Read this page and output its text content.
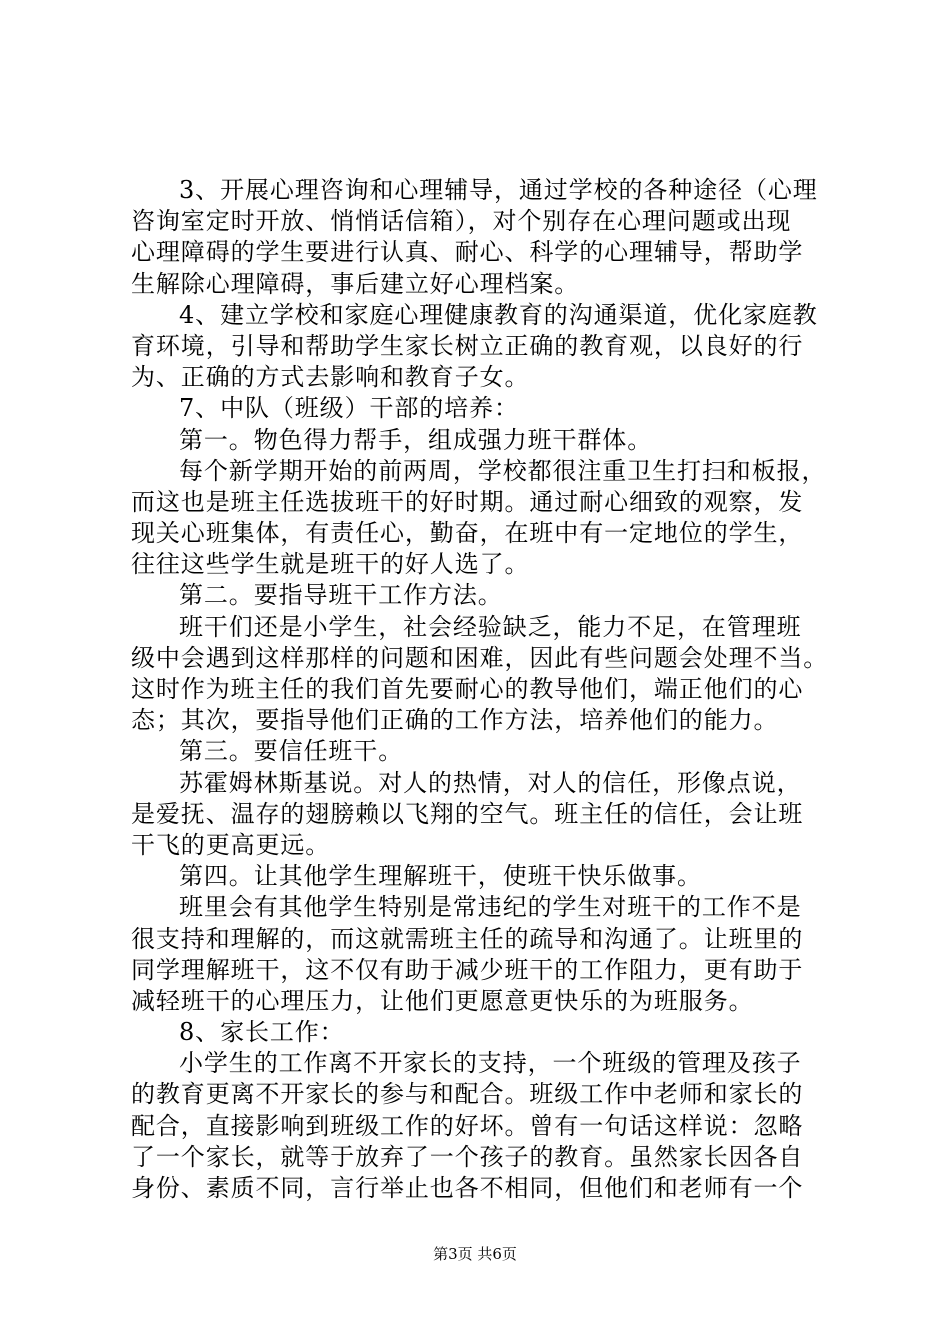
3、开展心理咨询和心理辅导，通过学校的各种途径（心理
咨询室定时开放、悄悄话信箱），对个别存在心理问题或出现
心理障碍的学生要进行认真、耐心、科学的心理辅导，帮助学
生解除心理障碍，事后建立好心理档案。
4、建立学校和家庭心理健康教育的沟通渠道，优化家庭教
育环境，引导和帮助学生家长树立正确的教育观，以良好的行
为、正确的方式去影响和教育子女。
7、中队（班级）干部的培养：
第一。物色得力帮手，组成强力班干群体。
每个新学期开始的前两周，学校都很注重卫生打扫和板报，
而这也是班主任选拔班干的好时期。通过耐心细致的观察，发
现关心班集体，有责任心，勤奋，在班中有一定地位的学生，
往往这些学生就是班干的好人选了。
第二。要指导班干工作方法。
班干们还是小学生，社会经验缺乏，能力不足，在管理班
级中会遇到这样那样的问题和困难，因此有些问题会处理不当。
这时作为班主任的我们首先要耐心的教导他们，端正他们的心
态；其次，要指导他们正确的工作方法，培养他们的能力。
第三。要信任班干。
苏霍姆林斯基说。对人的热情，对人的信任，形像点说，
是爱抚、温存的翅膀赖以飞翔的空气。班主任的信任，会让班
干飞的更高更远。
第四。让其他学生理解班干，使班干快乐做事。
班里会有其他学生特别是常违纪的学生对班干的工作不是
很支持和理解的，而这就需班主任的疏导和沟通了。让班里的
同学理解班干，这不仅有助于减少班干的工作阻力，更有助于
减轻班干的心理压力，让他们更愿意更快乐的为班服务。
8、家长工作：
小学生的工作离不开家长的支持，一个班级的管理及孩子
的教育更离不开家长的参与和配合。班级工作中老师和家长的
配合，直接影响到班级工作的好坏。曾有一句话这样说：忽略
了一个家长，就等于放弃了一个孩子的教育。虽然家长因各自
身份、素质不同，言行举止也各不相同，但他们和老师有一个
第3页 共6页
